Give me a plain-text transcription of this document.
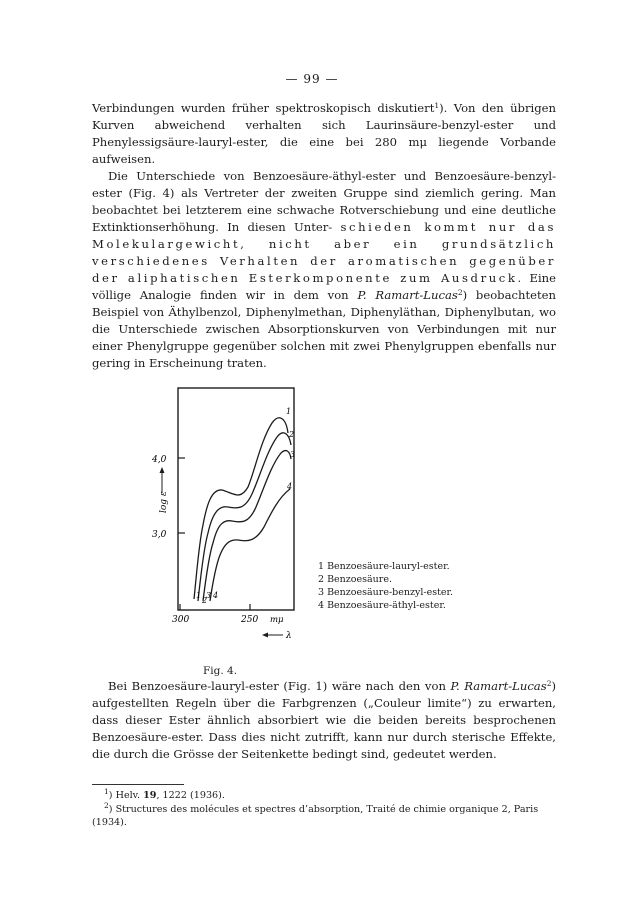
— 99 —

Verbindungen wurden früher spektroskopisch diskutiert$^1$). Von den übrigen Kurven abweichend verhalten sich Laurinsäure-benzyl-ester und Phenylessigsäure-lauryl-ester, die eine bei 280 mμ liegende Vorbande aufweisen.

Die Unterschiede von Benzoesäure-äthyl-ester und Benzoesäure-benzyl-ester (Fig. 4) als Vertreter der zweiten Gruppe sind ziemlich gering. Man beobachtet bei letzterem eine schwache Rotverschiebung und eine deutliche Extinktionserhöhung. In diesen Unter- schieden kommt nur das Molekulargewicht, nicht aber ein grundsätzlich verschiedenes Verhalten der aromatischen gegenüber der aliphatischen Esterkomponente zum Ausdruck. Eine völlige Analogie finden wir in dem von P. Ramart-Lucas$^2$) beobachteten Beispiel von Äthylbenzol, Diphenylmethan, Diphenyläthan, Diphenylbutan, wo die Unterschiede zwischen Absorptionskurven von Verbindungen mit nur einer Phenylgruppe gegenüber solchen mit zwei Phenylgruppen ebenfalls nur gering in Erscheinung traten.

4,0
3,0
log ε
300	250 mμ
λ
1
2
3 4
1
2
3
4
1 Benzoesäure-lauryl-ester.
2 Benzoesäure.
3 Benzoesäure-benzyl-ester.
4 Benzoesäure-äthyl-ester.
Fig. 4.

Bei Benzoesäure-lauryl-ester (Fig. 1) wäre nach den von P. Ramart-Lucas$^2$) aufgestellten Regeln über die Farbgrenzen („Couleur limite“) zu erwarten, dass dieser Ester ähnlich absorbiert wie die beiden bereits besprochenen Benzoesäure-ester. Dass dies nicht zutrifft, kann nur durch sterische Effekte, die durch die Grösse der Seitenkette bedingt sind, gedeutet werden.

$^1$) Helv. 19, 1222 (1936).
$^2$) Structures des molécules et spectres d’absorption, Traité de chimie organique 2, Paris (1934).
